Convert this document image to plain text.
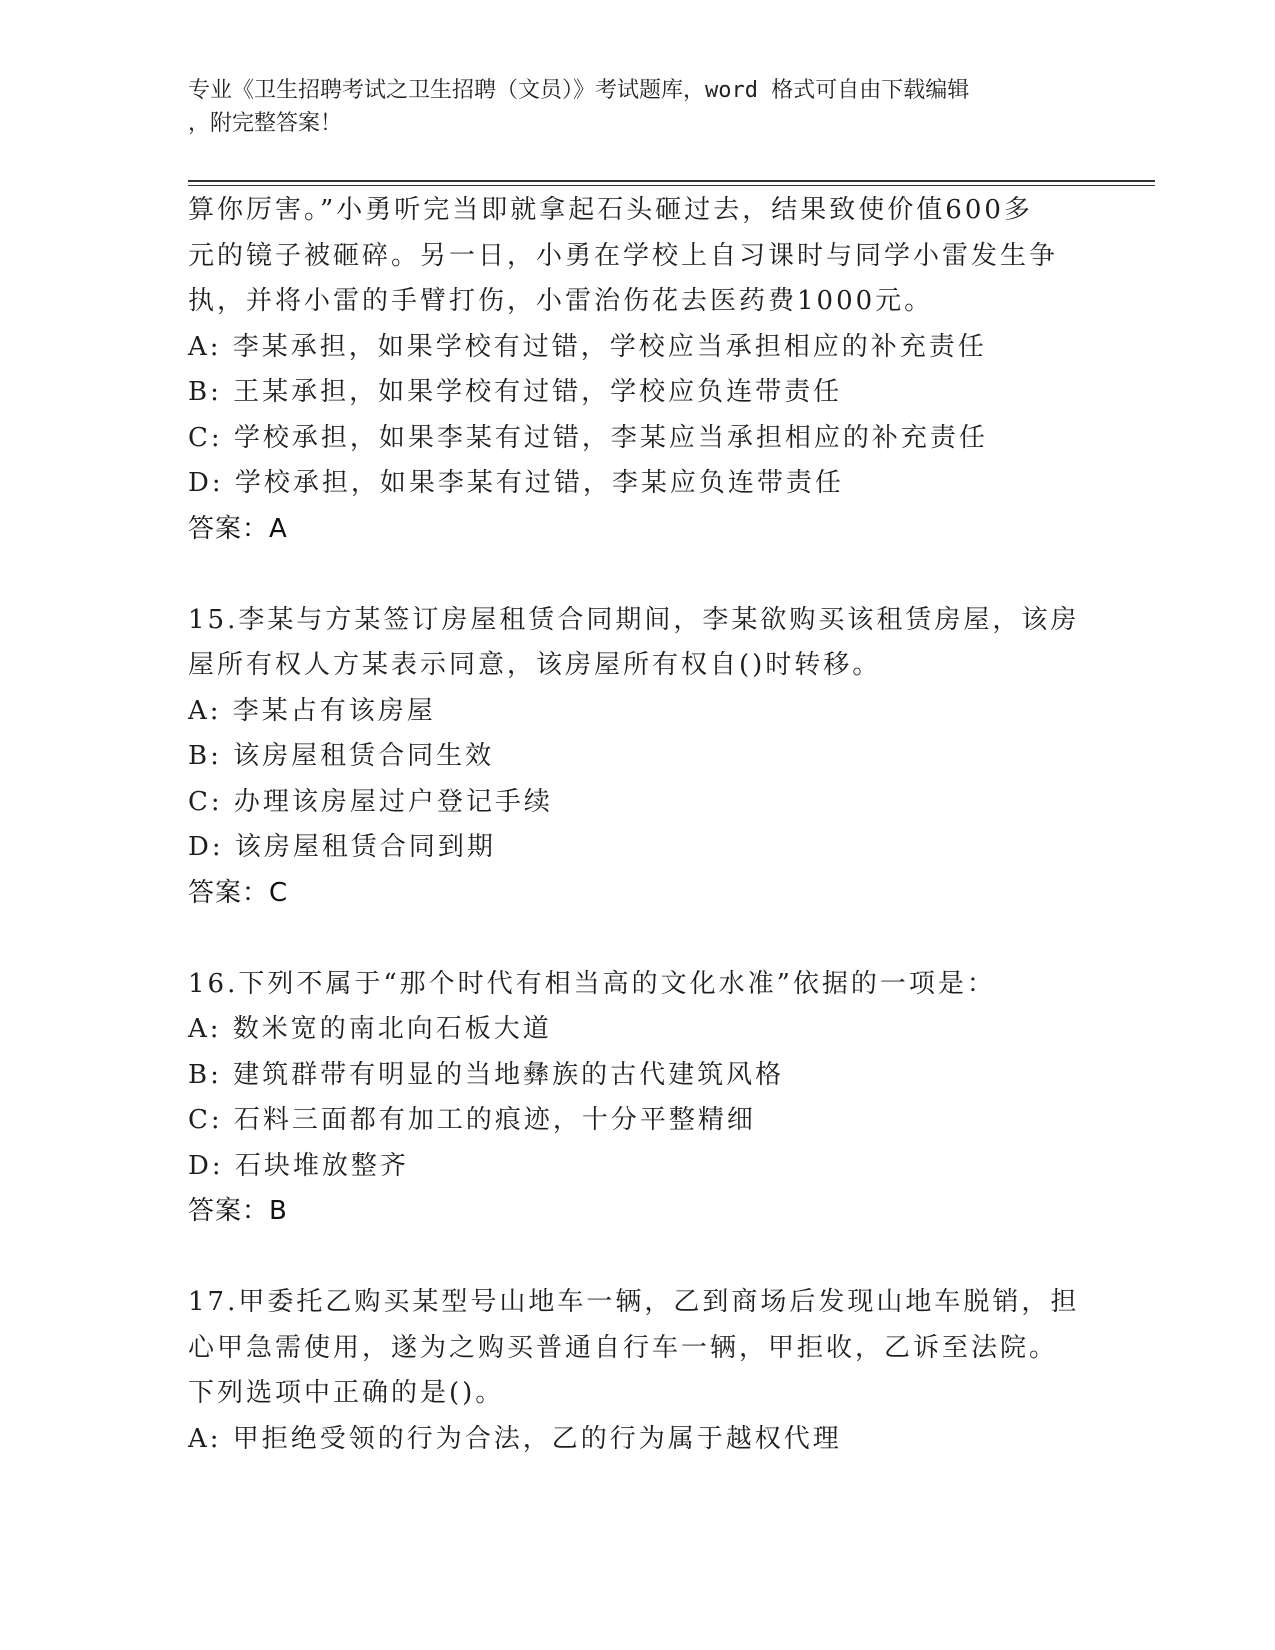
专业《卫生招聘考试之卫生招聘（文员）》考试题库，word 格式可自由下载编辑
，附完整答案！
算你厉害。”小勇听完当即就拿起石头砸过去，结果致使价值600多
元的镜子被砸碎。另一日，小勇在学校上自习课时与同学小雷发生争
执，并将小雷的手臂打伤，小雷治伤花去医药费1000元。
A: 李某承担，如果学校有过错，学校应当承担相应的补充责任
B: 王某承担，如果学校有过错，学校应负连带责任
C: 学校承担，如果李某有过错，李某应当承担相应的补充责任
D: 学校承担，如果李某有过错，李某应负连带责任
答案：A
15.李某与方某签订房屋租赁合同期间，李某欲购买该租赁房屋，该房
屋所有权人方某表示同意，该房屋所有权自()时转移。
A: 李某占有该房屋
B: 该房屋租赁合同生效
C: 办理该房屋过户登记手续
D: 该房屋租赁合同到期
答案：C
16.下列不属于“那个时代有相当高的文化水准”依据的一项是：
A: 数米宽的南北向石板大道
B: 建筑群带有明显的当地彝族的古代建筑风格
C: 石料三面都有加工的痕迹，十分平整精细
D: 石块堆放整齐
答案：B
17.甲委托乙购买某型号山地车一辆，乙到商场后发现山地车脱销，担
心甲急需使用，遂为之购买普通自行车一辆，甲拒收，乙诉至法院。
下列选项中正确的是()。
A: 甲拒绝受领的行为合法，乙的行为属于越权代理
